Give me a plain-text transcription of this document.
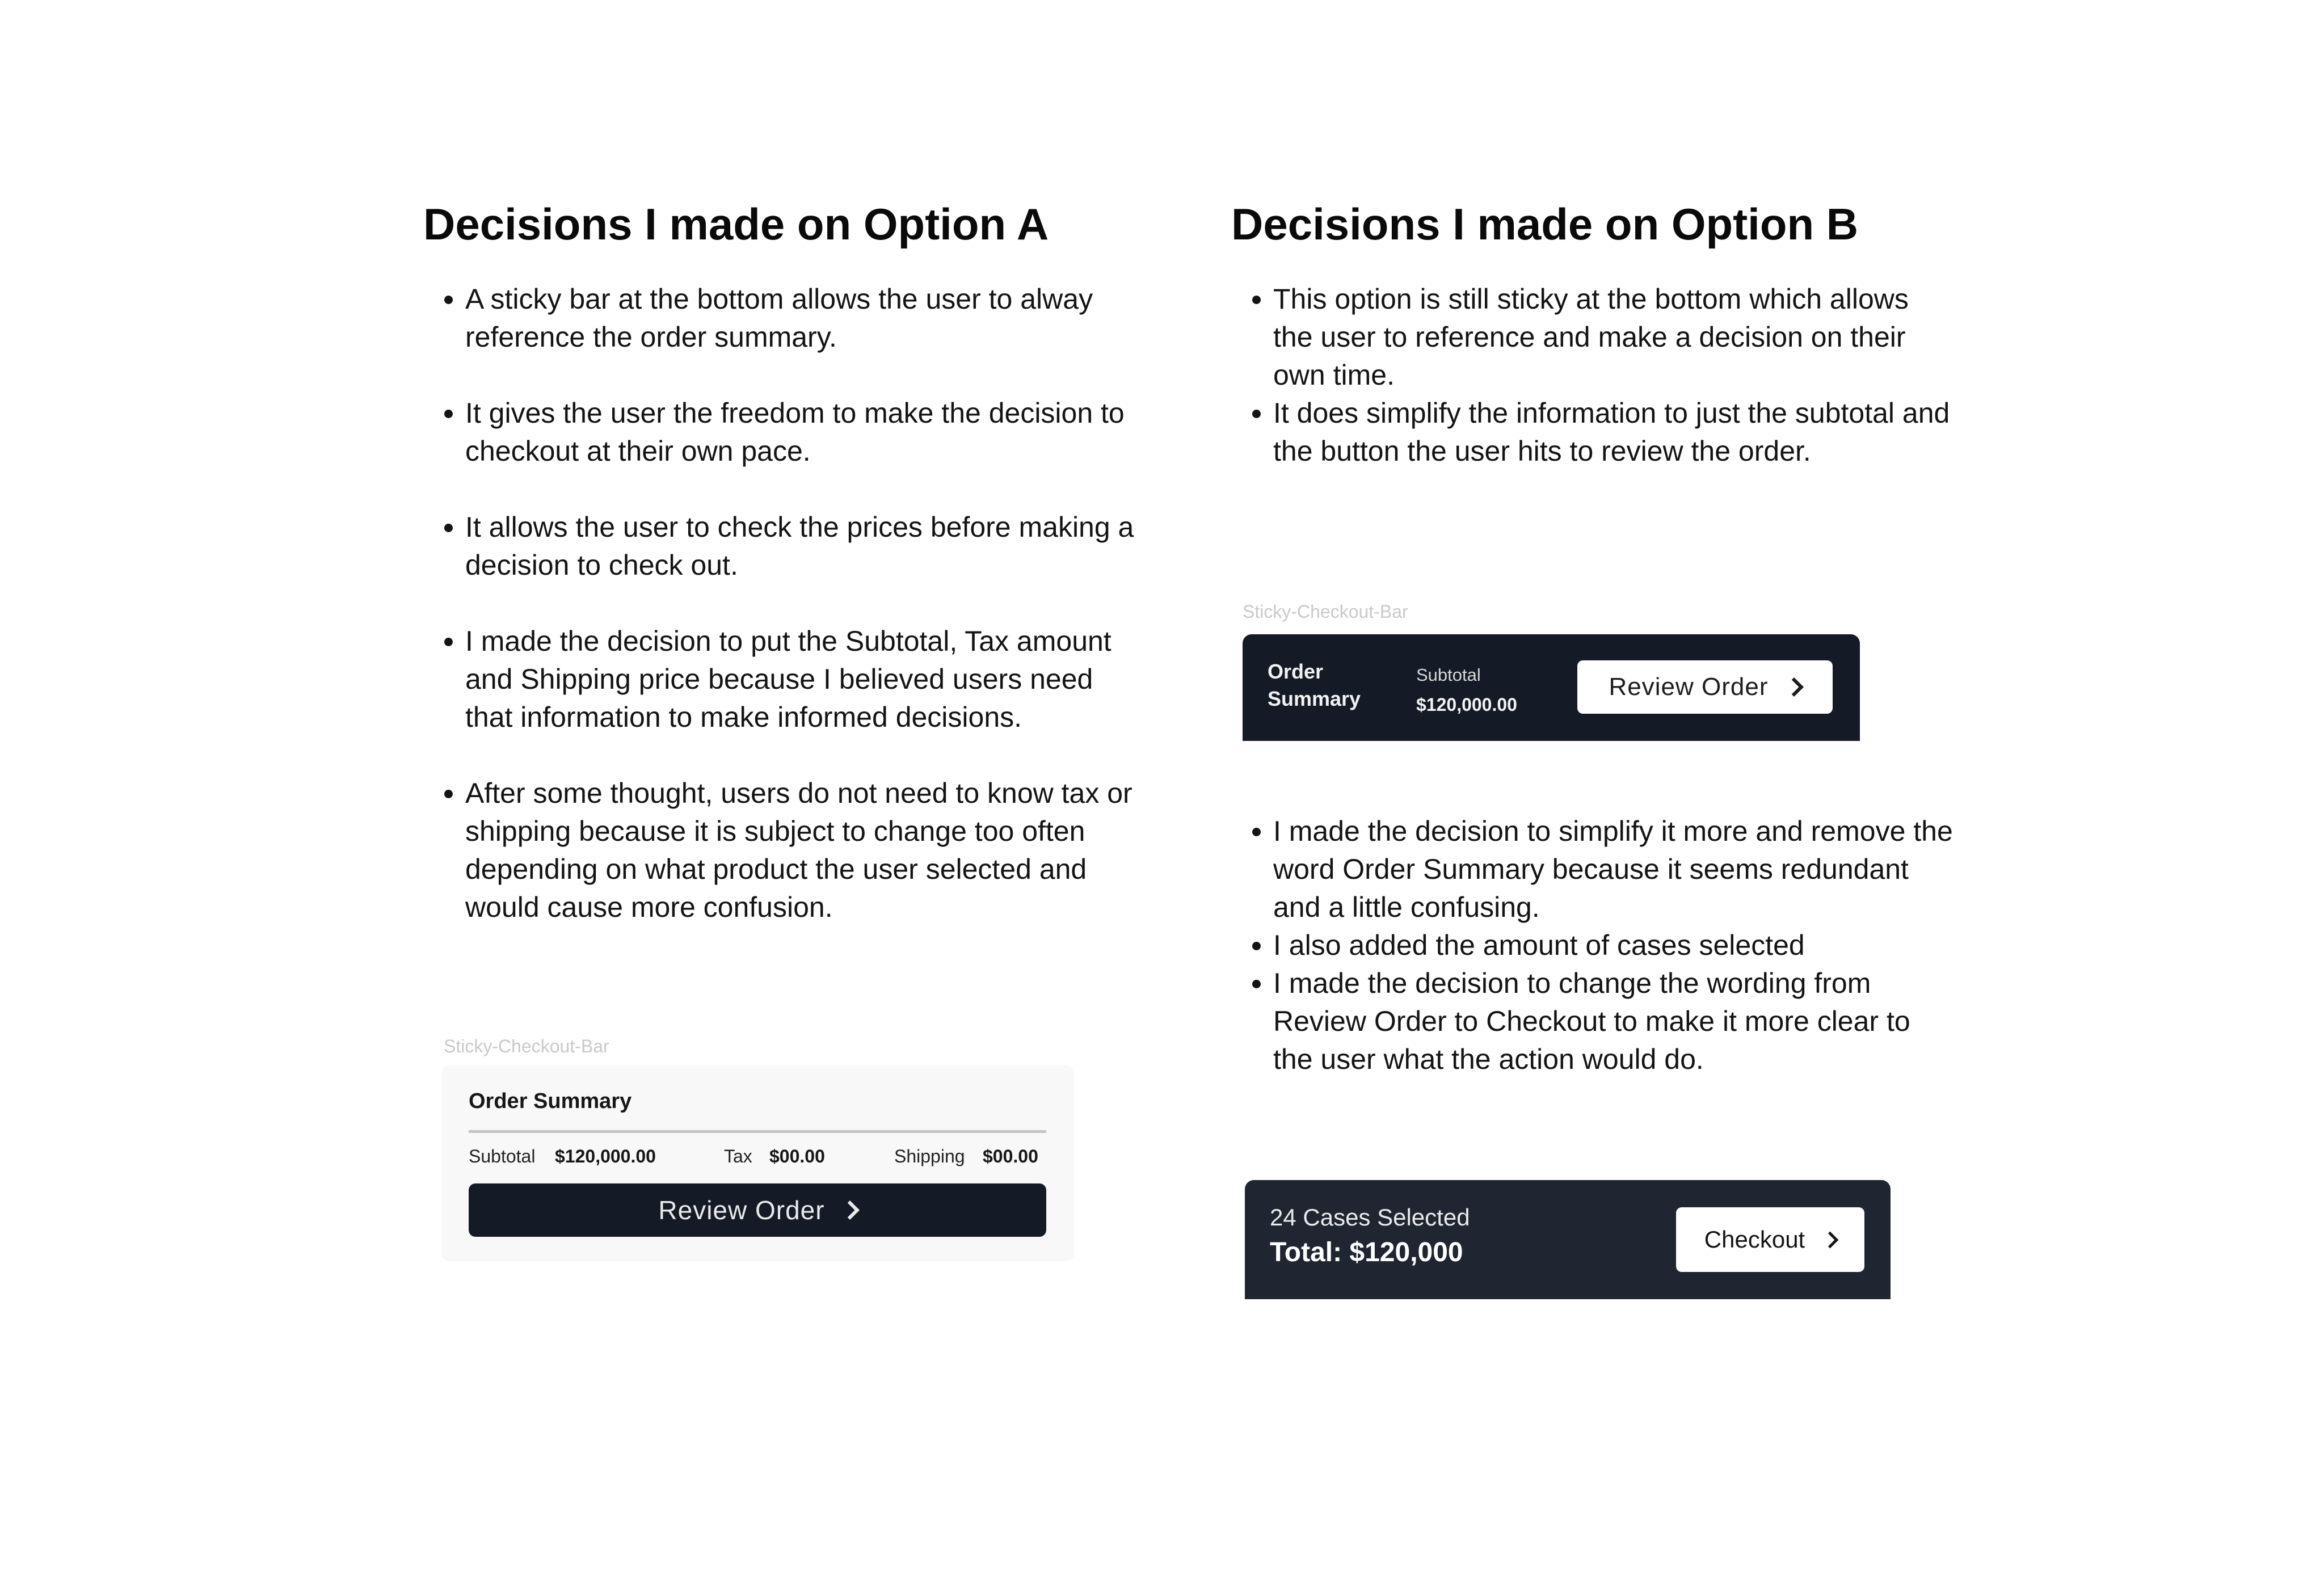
Decisions I made on Option A
• A sticky bar at the bottom allows the user to alway reference the order summary.
• It gives the user the freedom to make the decision to checkout at their own pace.
• It allows the user to check the prices before making a decision to check out.
• I made the decision to put the Subtotal, Tax amount and Shipping price because I believed users need that information to make informed decisions.
• After some thought, users do not need to know tax or shipping because it is subject to change too often depending on what product the user selected and would cause more confusion.
Sticky-Checkout-Bar
Order Summary
Subtotal $120,000.00	Tax $00.00	Shipping $00.00
Review Order
Decisions I made on Option B
• This option is still sticky at the bottom which allows the user to reference and make a decision on their own time.
• It does simplify the information to just the subtotal and the button the user hits to review the order.
Sticky-Checkout-Bar
Order
Summary
Subtotal
$120,000.00
Review Order
• I made the decision to simplify it more and remove the word Order Summary because it seems redundant and a little confusing.
• I also added the amount of cases selected
• I made the decision to change the wording from Review Order to Checkout to make it more clear to the user what the action would do.
24 Cases Selected
Total: $120,000	Checkout
